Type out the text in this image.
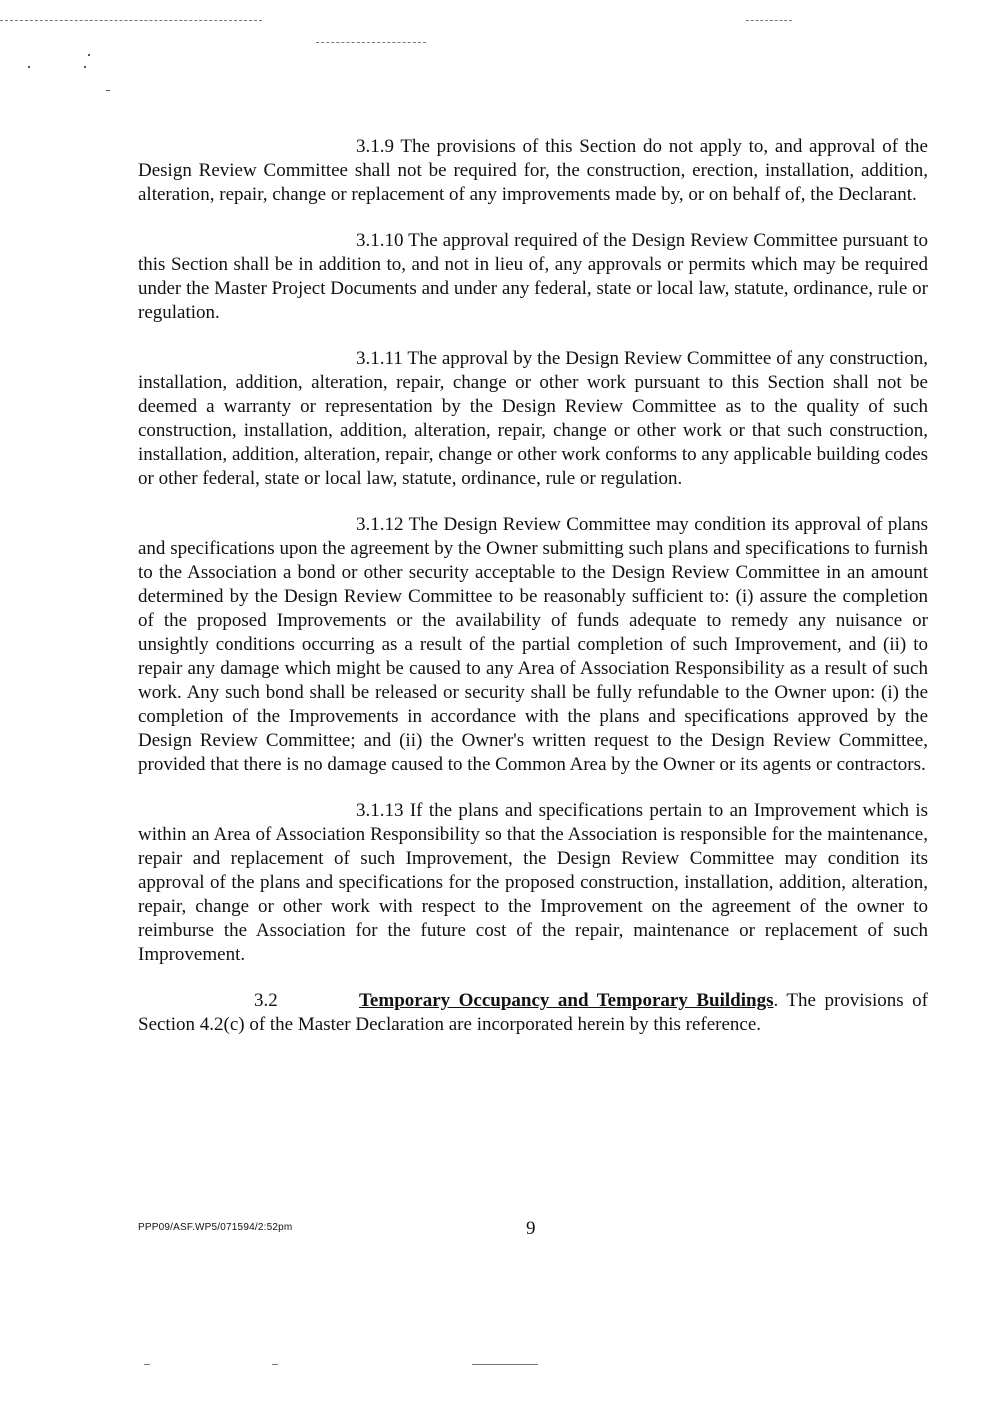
3.1.9 The provisions of this Section do not apply to, and approval of the Design Review Committee shall not be required for, the construction, erection, installation, addition, alteration, repair, change or replacement of any improvements made by, or on behalf of, the Declarant.

3.1.10 The approval required of the Design Review Committee pursuant to this Section shall be in addition to, and not in lieu of, any approvals or permits which may be required under the Master Project Documents and under any federal, state or local law, statute, ordinance, rule or regulation.

3.1.11 The approval by the Design Review Committee of any construction, installation, addition, alteration, repair, change or other work pursuant to this Section shall not be deemed a warranty or representation by the Design Review Committee as to the quality of such construction, installation, addition, alteration, repair, change or other work or that such construction, installation, addition, alteration, repair, change or other work conforms to any applicable building codes or other federal, state or local law, statute, ordinance, rule or regulation.

3.1.12 The Design Review Committee may condition its approval of plans and specifications upon the agreement by the Owner submitting such plans and specifications to furnish to the Association a bond or other security acceptable to the Design Review Committee in an amount determined by the Design Review Committee to be reasonably sufficient to: (i) assure the completion of the proposed Improvements or the availability of funds adequate to remedy any nuisance or unsightly conditions occurring as a result of the partial completion of such Improvement, and (ii) to repair any damage which might be caused to any Area of Association Responsibility as a result of such work. Any such bond shall be released or security shall be fully refundable to the Owner upon: (i) the completion of the Improvements in accordance with the plans and specifications approved by the Design Review Committee; and (ii) the Owner's written request to the Design Review Committee, provided that there is no damage caused to the Common Area by the Owner or its agents or contractors.

3.1.13 If the plans and specifications pertain to an Improvement which is within an Area of Association Responsibility so that the Association is responsible for the maintenance, repair and replacement of such Improvement, the Design Review Committee may condition its approval of the plans and specifications for the proposed construction, installation, addition, alteration, repair, change or other work with respect to the Improvement on the agreement of the owner to reimburse the Association for the future cost of the repair, maintenance or replacement of such Improvement.

3.2	Temporary Occupancy and Temporary Buildings. The provisions of Section 4.2(c) of the Master Declaration are incorporated herein by this reference.

PPP09/ASF.WP5/071594/2:52pm	9
